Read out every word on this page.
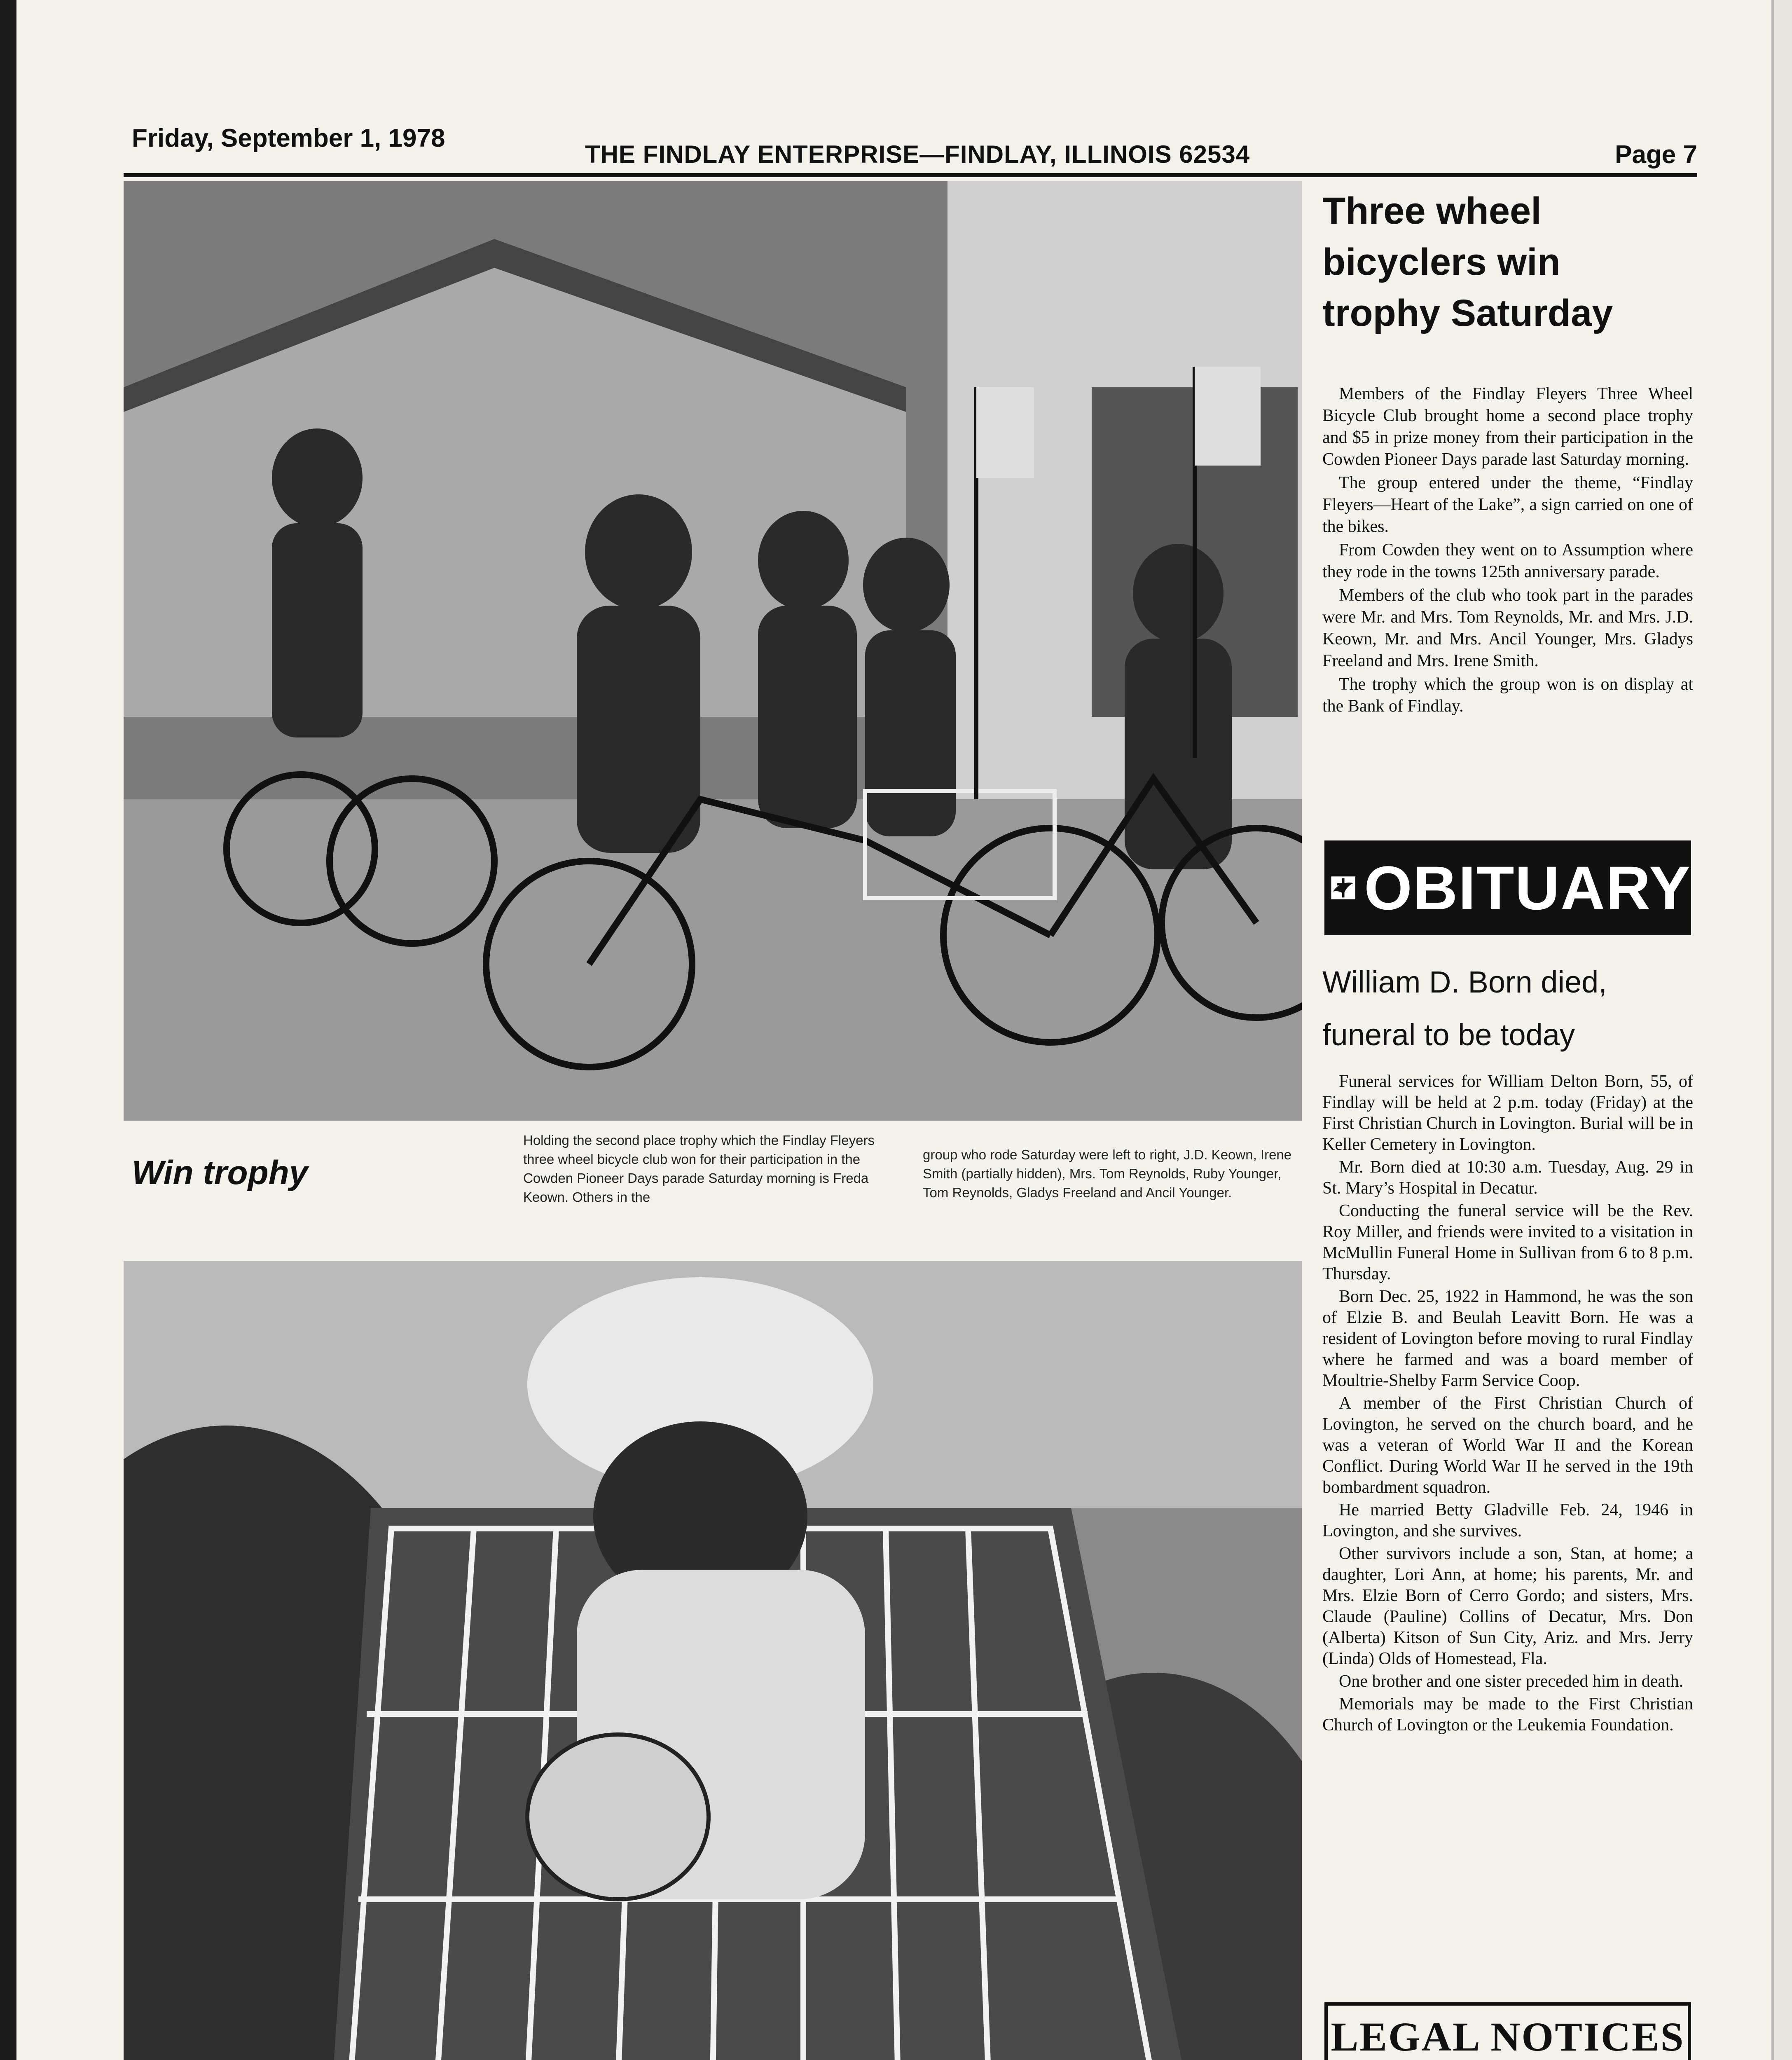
Friday, September 1, 1978
THE FINDLAY ENTERPRISE—FINDLAY, ILLINOIS 62534	Page 7
Win trophy
Holding the second place trophy which the Findlay Fleyers three wheel bicycle club won for their participation in the Cowden Pioneer Days parade Saturday morning is Freda Keown. Others in the
group who rode Saturday were left to right, J.D. Keown, Irene Smith (partially hidden), Mrs. Tom Reynolds, Ruby Younger, Tom Reynolds, Gladys Freeland and Ancil Younger.
Three wheel
bicyclers win
trophy Saturday

Members of the Findlay Fleyers Three Wheel Bicycle Club brought home a second place trophy and $5 in prize money from their participation in the Cowden Pioneer Days parade last Saturday morning.

The group entered under the theme, “Findlay Fleyers—Heart of the Lake”, a sign carried on one of the bikes.

From Cowden they went on to Assumption where they rode in the towns 125th anniversary parade.

Members of the club who took part in the parades were Mr. and Mrs. Tom Reynolds, Mr. and Mrs. J.D. Keown, Mr. and Mrs. Ancil Younger, Mrs. Gladys Freeland and Mrs. Irene Smith.

The trophy which the group won is on display at the Bank of Findlay.

OBITUARY
William D. Born died,
funeral to be today

Funeral services for William Delton Born, 55, of Findlay will be held at 2 p.m. today (Friday) at the First Christian Church in Lovington. Burial will be in Keller Cemetery in Lovington.

Mr. Born died at 10:30 a.m. Tuesday, Aug. 29 in St. Mary’s Hospital in Decatur.

Conducting the funeral service will be the Rev. Roy Miller, and friends were invited to a visitation in McMullin Funeral Home in Sullivan from 6 to 8 p.m. Thursday.

Born Dec. 25, 1922 in Hammond, he was the son of Elzie B. and Beulah Leavitt Born. He was a resident of Lovington before moving to rural Findlay where he farmed and was a board member of Moultrie-Shelby Farm Service Coop.

A member of the First Christian Church of Lovington, he served on the church board, and he was a veteran of World War II and the Korean Conflict. During World War II he served in the 19th bombardment squadron.

He married Betty Gladville Feb. 24, 1946 in Lovington, and she survives.

Other survivors include a son, Stan, at home; a daughter, Lori Ann, at home; his parents, Mr. and Mrs. Elzie Born of Cerro Gordo; and sisters, Mrs. Claude (Pauline) Collins of Decatur, Mrs. Don (Alberta) Kitson of Sun City, Ariz. and Mrs. Jerry (Linda) Olds of Homestead, Fla.

One brother and one sister preceded him in death.

Memorials may be made to the First Christian Church of Lovington or the Leukemia Foundation.

LEGAL NOTICES
